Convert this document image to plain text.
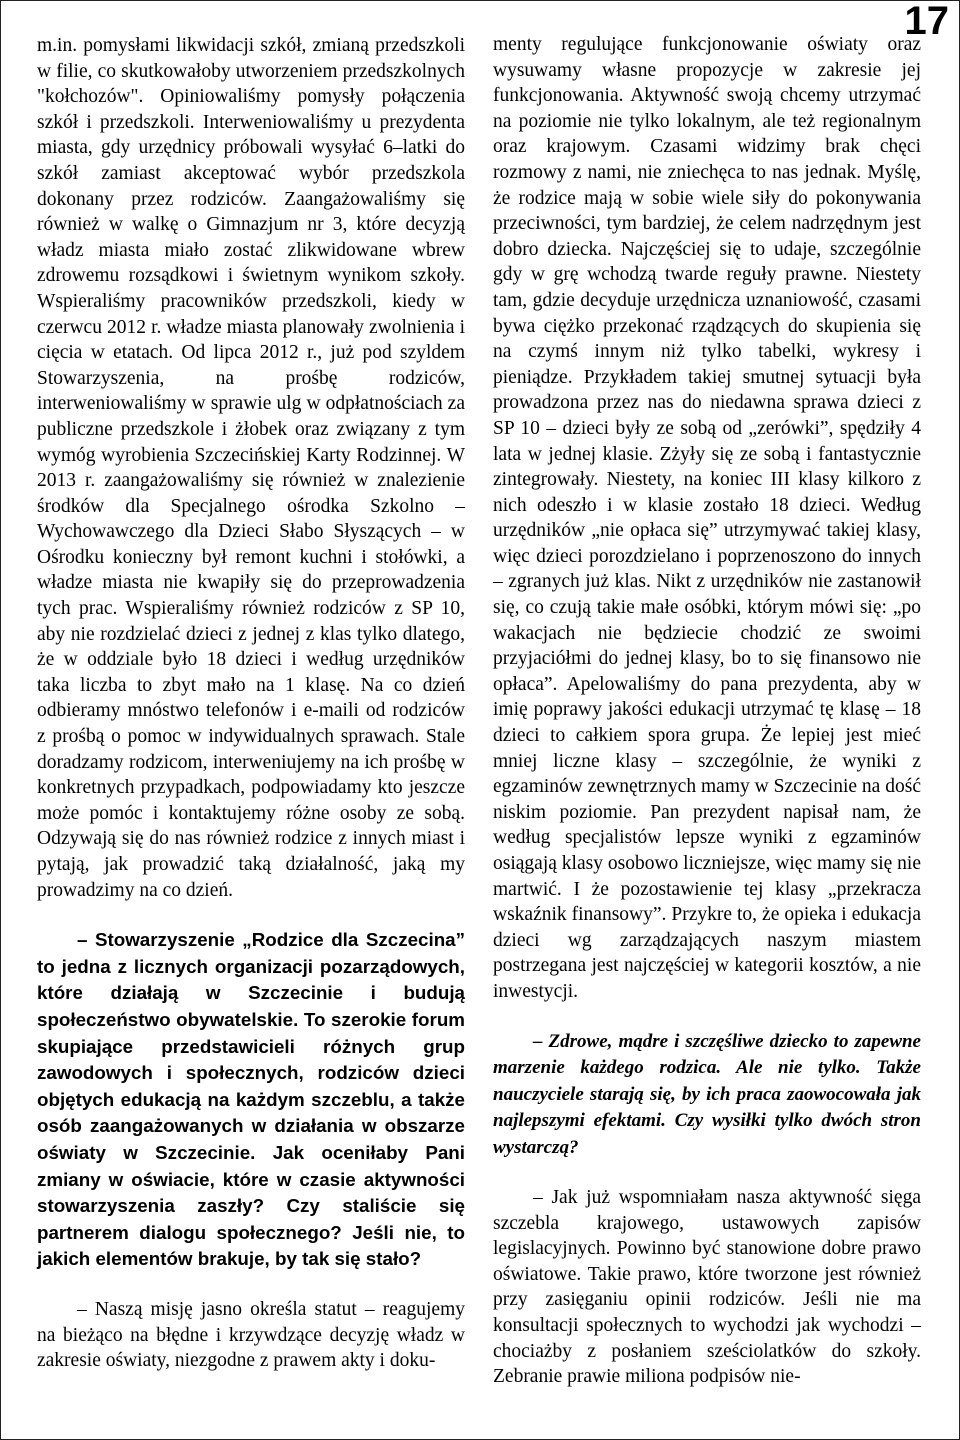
17

m.in. pomysłami likwidacji szkół, zmianą przedszkoli w filie, co skutkowałoby utworzeniem przedszkolnych "kołchozów". Opiniowaliśmy pomysły połączenia szkół i przedszkoli. Interweniowaliśmy u prezydenta miasta, gdy urzędnicy próbowali wysyłać 6–latki do szkół zamiast akceptować wybór przedszkola dokonany przez rodziców. Zaangażowaliśmy się również w walkę o Gimnazjum nr 3, które decyzją władz miasta miało zostać zlikwidowane wbrew zdrowemu rozsądkowi i świetnym wynikom szkoły. Wspieraliśmy pracowników przedszkoli, kiedy w czerwcu 2012 r. władze miasta planowały zwolnienia i cięcia w etatach. Od lipca 2012 r., już pod szyldem Stowarzyszenia, na prośbę rodziców, interweniowaliśmy w sprawie ulg w odpłatnościach za publiczne przedszkole i żłobek oraz związany z tym wymóg wyrobienia Szczecińskiej Karty Rodzinnej. W 2013 r. zaangażowaliśmy się również w znalezienie środków dla Specjalnego ośrodka Szkolno – Wychowawczego dla Dzieci Słabo Słyszących – w Ośrodku konieczny był remont kuchni i stołówki, a władze miasta nie kwapiły się do przeprowadzenia tych prac. Wspieraliśmy również rodziców z SP 10, aby nie rozdzielać dzieci z jednej z klas tylko dlatego, że w oddziale było 18 dzieci i według urzędników taka liczba to zbyt mało na 1 klasę. Na co dzień odbieramy mnóstwo telefonów i e-maili od rodziców z prośbą o pomoc w indywidualnych sprawach. Stale doradzamy rodzicom, interweniujemy na ich prośbę w konkretnych przypadkach, podpowiadamy kto jeszcze może pomóc i kontaktujemy różne osoby ze sobą. Odzywają się do nas również rodzice z innych miast i pytają, jak prowadzić taką działalność, jaką my prowadzimy na co dzień.

– Stowarzyszenie „Rodzice dla Szczecina” to jedna z licznych organizacji pozarządowych, które działają w Szczecinie i budują społeczeństwo obywatelskie. To szerokie forum skupiające przedstawicieli różnych grup zawodowych i społecznych, rodziców dzieci objętych edukacją na każdym szczeblu, a także osób zaangażowanych w działania w obszarze oświaty w Szczecinie. Jak oceniłaby Pani zmiany w oświacie, które w czasie aktywności stowarzyszenia zaszły? Czy staliście się partnerem dialogu społecznego? Jeśli nie, to jakich elementów brakuje, by tak się stało?

– Naszą misję jasno określa statut – reagujemy na bieżąco na błędne i krzywdzące decyzję władz w zakresie oświaty, niezgodne z prawem akty i doku-

menty regulujące funkcjonowanie oświaty oraz wysuwamy własne propozycje w zakresie jej funkcjonowania. Aktywność swoją chcemy utrzymać na poziomie nie tylko lokalnym, ale też regionalnym oraz krajowym. Czasami widzimy brak chęci rozmowy z nami, nie zniechęca to nas jednak. Myślę, że rodzice mają w sobie wiele siły do pokonywania przeciwności, tym bardziej, że celem nadrzędnym jest dobro dziecka. Najczęściej się to udaje, szczególnie gdy w grę wchodzą twarde reguły prawne. Niestety tam, gdzie decyduje urzędnicza uznaniowość, czasami bywa ciężko przekonać rządzących do skupienia się na czymś innym niż tylko tabelki, wykresy i pieniądze. Przykładem takiej smutnej sytuacji była prowadzona przez nas do niedawna sprawa dzieci z SP 10 – dzieci były ze sobą od „zerówki”, spędziły 4 lata w jednej klasie. Zżyły się ze sobą i fantastycznie zintegrowały. Niestety, na koniec III klasy kilkoro z nich odeszło i w klasie zostało 18 dzieci. Według urzędników „nie opłaca się” utrzymywać takiej klasy, więc dzieci porozdzielano i poprzenoszono do innych – zgranych już klas. Nikt z urzędników nie zastanowił się, co czują takie małe osóbki, którym mówi się: „po wakacjach nie będziecie chodzić ze swoimi przyjaciółmi do jednej klasy, bo to się finansowo nie opłaca”. Apelowaliśmy do pana prezydenta, aby w imię poprawy jakości edukacji utrzymać tę klasę – 18 dzieci to całkiem spora grupa. Że lepiej jest mieć mniej liczne klasy – szczególnie, że wyniki z egzaminów zewnętrznych mamy w Szczecinie na dość niskim poziomie. Pan prezydent napisał nam, że według specjalistów lepsze wyniki z egzaminów osiągają klasy osobowo liczniejsze, więc mamy się nie martwić. I że pozostawienie tej klasy „przekracza wskaźnik finansowy”. Przykre to, że opieka i edukacja dzieci wg zarządzających naszym miastem postrzegana jest najczęściej w kategorii kosztów, a nie inwestycji.

– Zdrowe, mądre i szczęśliwe dziecko to zapewne marzenie każdego rodzica. Ale nie tylko. Także nauczyciele starają się, by ich praca zaowocowała jak najlepszymi efektami. Czy wysiłki tylko dwóch stron wystarczą?

– Jak już wspomniałam nasza aktywność sięga szczebla krajowego, ustawowych zapisów legislacyjnych. Powinno być stanowione dobre prawo oświatowe. Takie prawo, które tworzone jest również przy zasięganiu opinii rodziców. Jeśli nie ma konsultacji społecznych to wychodzi jak wychodzi – chociażby z posłaniem sześciolatków do szkoły. Zebranie prawie miliona podpisów nie-
